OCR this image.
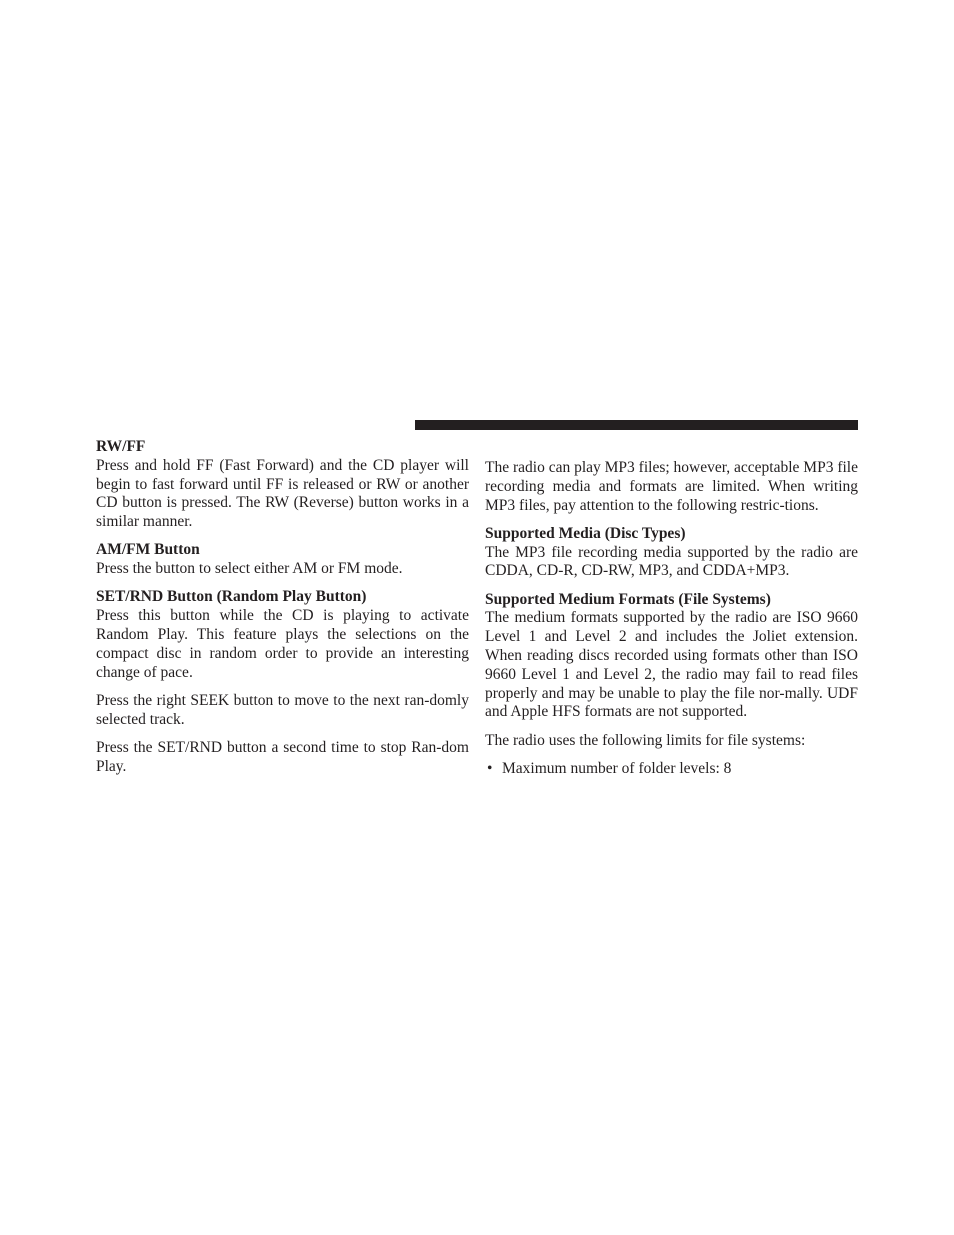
RW/FF

Press and hold FF (Fast Forward) and the CD player will begin to fast forward until FF is released or RW or another CD button is pressed. The RW (Reverse) button works in a similar manner.

AM/FM Button

Press the button to select either AM or FM mode.

SET/RND Button (Random Play Button)

Press this button while the CD is playing to activate Random Play. This feature plays the selections on the compact disc in random order to provide an interesting change of pace.

Press the right SEEK button to move to the next ran-domly selected track.

Press the SET/RND button a second time to stop Ran-dom Play.

The radio can play MP3 files; however, acceptable MP3 file recording media and formats are limited. When writing MP3 files, pay attention to the following restric-tions.

Supported Media (Disc Types)

The MP3 file recording media supported by the radio are CDDA, CD-R, CD-RW, MP3, and CDDA+MP3.

Supported Medium Formats (File Systems)

The medium formats supported by the radio are ISO 9660 Level 1 and Level 2 and includes the Joliet extension. When reading discs recorded using formats other than ISO 9660 Level 1 and Level 2, the radio may fail to read files properly and may be unable to play the file nor-mally. UDF and Apple HFS formats are not supported.

The radio uses the following limits for file systems:

• Maximum number of folder levels: 8
